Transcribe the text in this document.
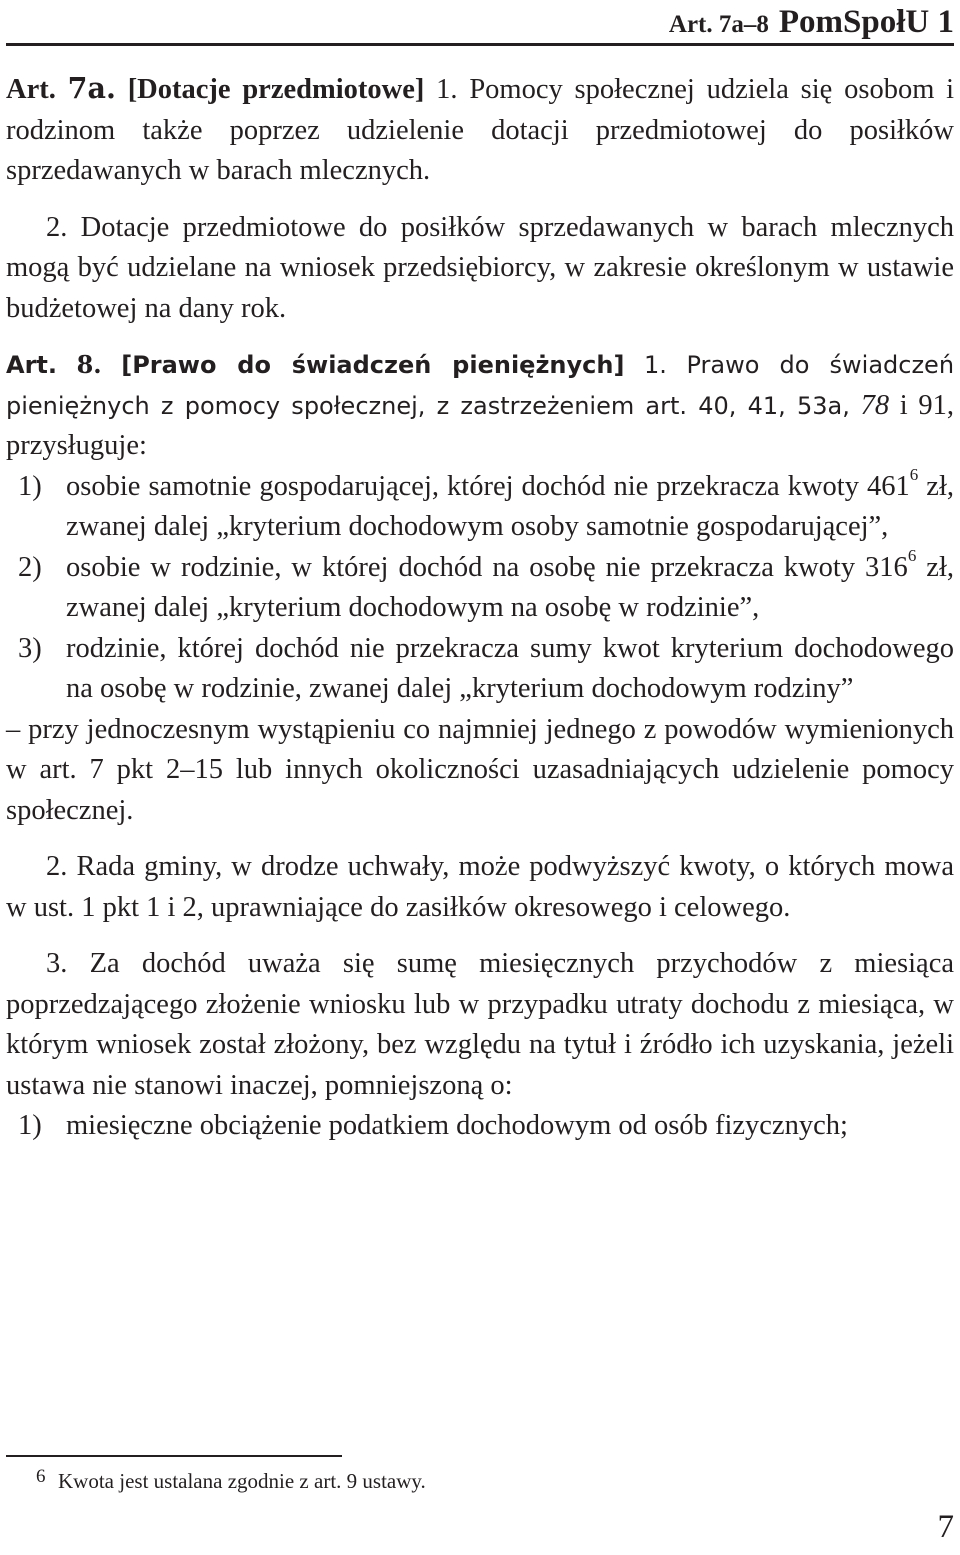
Art. 7a–8 PomSpołU 1

Art. 7a. [Dotacje przedmiotowe] 1. Pomocy społecznej udziela się osobom i rodzinom także poprzez udzielenie dotacji przedmiotowej do posiłków sprzedawanych w barach mlecznych.

2. Dotacje przedmiotowe do posiłków sprzedawanych w barach mlecznych mogą być udzielane na wniosek przedsiębiorcy, w zakresie określonym w ustawie budżetowej na dany rok.

Art. 8. [Prawo do świadczeń pieniężnych] 1. Prawo do świadczeń pieniężnych z pomocy społecznej, z zastrzeżeniem art. 40, 41, 53a, 78 i 91, przysługuje:

1) osobie samotnie gospodarującej, której dochód nie przekracza kwoty $461^6$ zł, zwanej dalej „kryterium dochodowym osoby samotnie gospodarującej”,
2) osobie w rodzinie, w której dochód na osobę nie przekracza kwoty $316^6$ zł, zwanej dalej „kryterium dochodowym na osobę w rodzinie”,
3) rodzinie, której dochód nie przekracza sumy kwot kryterium dochodowego na osobę w rodzinie, zwanej dalej „kryterium dochodowym rodziny”

– przy jednoczesnym wystąpieniu co najmniej jednego z powodów wymienionych w art. 7 pkt 2–15 lub innych okoliczności uzasadniających udzielenie pomocy społecznej.

2. Rada gminy, w drodze uchwały, może podwyższyć kwoty, o których mowa w ust. 1 pkt 1 i 2, uprawniające do zasiłków okresowego i celowego.

3. Za dochód uważa się sumę miesięcznych przychodów z miesiąca poprzedzającego złożenie wniosku lub w przypadku utraty dochodu z miesiąca, w którym wniosek został złożony, bez względu na tytuł i źródło ich uzyskania, jeżeli ustawa nie stanowi inaczej, pomniejszoną o:

1) miesięczne obciążenie podatkiem dochodowym od osób fizycznych;
6 Kwota jest ustalana zgodnie z art. 9 ustawy.
7
